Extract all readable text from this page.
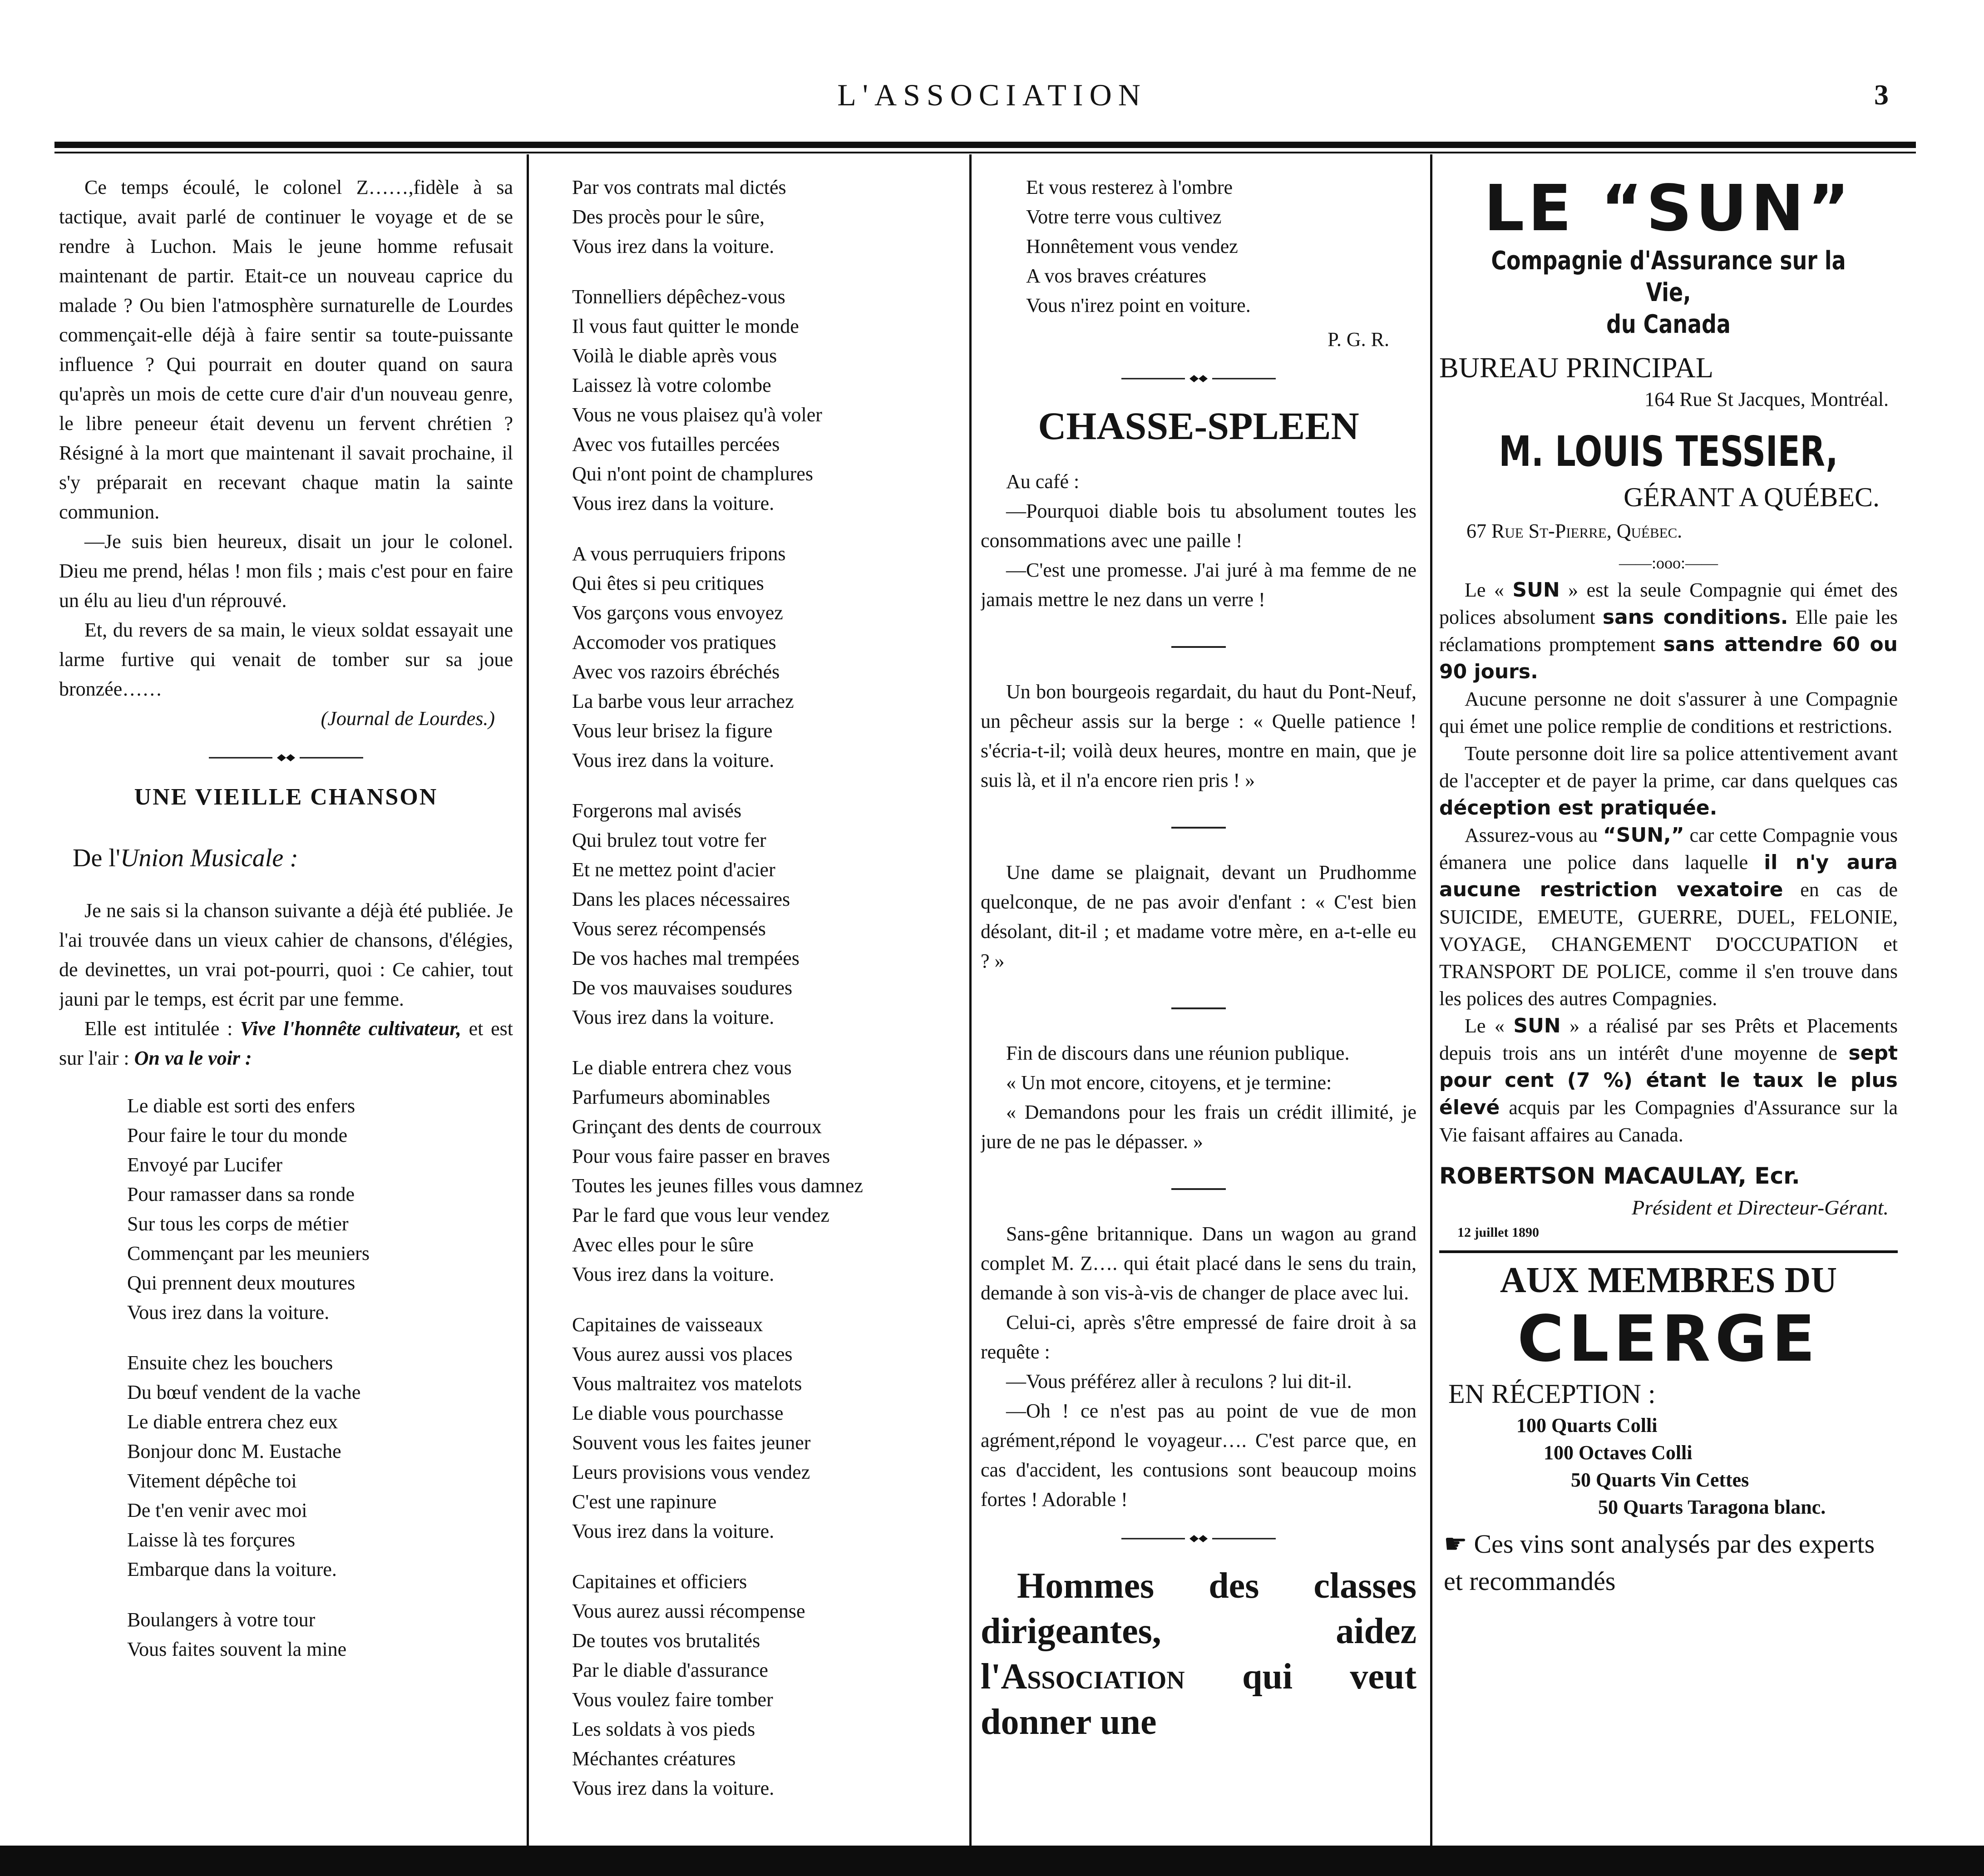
L'ASSOCIATION	3

Ce temps écoulé, le colonel Z……,fidèle à sa tactique, avait parlé de continuer le voyage et de se rendre à Luchon. Mais le jeune homme refusait maintenant de partir. Etait-ce un nouveau caprice du malade ? Ou bien l'atmosphère surnaturelle de Lourdes commençait-elle déjà à faire sentir sa toute-puissante influence ? Qui pourrait en douter quand on saura qu'après un mois de cette cure d'air d'un nouveau genre, le libre peneeur était devenu un fervent chrétien ? Résigné à la mort que maintenant il savait prochaine, il s'y préparait en recevant chaque matin la sainte communion.

—Je suis bien heureux, disait un jour le colonel. Dieu me prend, hélas ! mon fils ; mais c'est pour en faire un élu au lieu d'un réprouvé.

Et, du revers de sa main, le vieux soldat essayait une larme furtive qui venait de tomber sur sa joue bronzée……

(Journal de Lourdes.)

UNE VIEILLE CHANSON

De l'Union Musicale :

Je ne sais si la chanson suivante a déjà été publiée. Je l'ai trouvée dans un vieux cahier de chansons, d'élégies, de devinettes, un vrai pot-pourri, quoi : Ce cahier, tout jauni par le temps, est écrit par une femme.

Elle est intitulée : Vive l'honnête cultivateur, et est sur l'air : On va le voir :

Le diable est sorti des enfers

Pour faire le tour du monde

Envoyé par Lucifer

Pour ramasser dans sa ronde

Sur tous les corps de métier

Commençant par les meuniers

Qui prennent deux moutures

Vous irez dans la voiture.

Ensuite chez les bouchers

Du bœuf vendent de la vache

Le diable entrera chez eux

Bonjour donc M. Eustache

Vitement dépêche toi

De t'en venir avec moi

Laisse là tes forçures

Embarque dans la voiture.

Boulangers à votre tour

Vous faites souvent la mine

Par vos contrats mal dictés

Des procès pour le sûre,

Vous irez dans la voiture.

Tonnelliers dépêchez-vous

Il vous faut quitter le monde

Voilà le diable après vous

Laissez là votre colombe

Vous ne vous plaisez qu'à voler

Avec vos futailles percées

Qui n'ont point de champlures

Vous irez dans la voiture.

A vous perruquiers fripons

Qui êtes si peu critiques

Vos garçons vous envoyez

Accomoder vos pratiques

Avec vos razoirs ébréchés

La barbe vous leur arrachez

Vous leur brisez la figure

Vous irez dans la voiture.

Forgerons mal avisés

Qui brulez tout votre fer

Et ne mettez point d'acier

Dans les places nécessaires

Vous serez récompensés

De vos haches mal trempées

De vos mauvaises soudures

Vous irez dans la voiture.

Le diable entrera chez vous

Parfumeurs abominables

Grinçant des dents de courroux

Pour vous faire passer en braves

Toutes les jeunes filles vous damnez

Par le fard que vous leur vendez

Avec elles pour le sûre

Vous irez dans la voiture.

Capitaines de vaisseaux

Vous aurez aussi vos places

Vous maltraitez vos matelots

Le diable vous pourchasse

Souvent vous les faites jeuner

Leurs provisions vous vendez

C'est une rapinure

Vous irez dans la voiture.

Capitaines et officiers

Vous aurez aussi récompense

De toutes vos brutalités

Par le diable d'assurance

Vous voulez faire tomber

Les soldats à vos pieds

Méchantes créatures

Vous irez dans la voiture.

Et vous resterez à l'ombre

Votre terre vous cultivez

Honnêtement vous vendez

A vos braves créatures

Vous n'irez point en voiture.

P. G. R.

CHASSE-SPLEEN

Au café :

—Pourquoi diable bois tu absolument toutes les consommations avec une paille !

—C'est une promesse. J'ai juré à ma femme de ne jamais mettre le nez dans un verre !

Un bon bourgeois regardait, du haut du Pont-Neuf, un pêcheur assis sur la berge : « Quelle patience ! s'écria-t-il; voilà deux heures, montre en main, que je suis là, et il n'a encore rien pris ! »

Une dame se plaignait, devant un Prudhomme quelconque, de ne pas avoir d'enfant : « C'est bien désolant, dit-il ; et madame votre mère, en a-t-elle eu ? »

Fin de discours dans une réunion publique.

« Un mot encore, citoyens, et je termine:

« Demandons pour les frais un crédit illimité, je jure de ne pas le dépasser. »

Sans-gêne britannique. Dans un wagon au grand complet M. Z…. qui était placé dans le sens du train, demande à son vis-à-vis de changer de place avec lui.

Celui-ci, après s'être empressé de faire droit à sa requête :

—Vous préférez aller à reculons ? lui dit-il.

—Oh ! ce n'est pas au point de vue de mon agrément,répond le voyageur…. C'est parce que, en cas d'accident, les contusions sont beaucoup moins fortes ! Adorable !

Hommes des classes dirigeantes, aidez l'Association qui veut donner une

LE “SUN”

Compagnie d'Assurance sur la Vie,

du Canada

BUREAU PRINCIPAL

164 Rue St Jacques, Montréal.

M. LOUIS TESSIER,

GÉRANT A QUÉBEC.

67 Rue St-Pierre, Québec.

——:ooo:——

Le « SUN » est la seule Compagnie qui émet des polices absolument sans conditions. Elle paie les réclamations promptement sans attendre 60 ou 90 jours.

Aucune personne ne doit s'assurer à une Compagnie qui émet une police remplie de conditions et restrictions.

Toute personne doit lire sa police attentivement avant de l'accepter et de payer la prime, car dans quelques cas déception est pratiquée.

Assurez-vous au “SUN,” car cette Compagnie vous émanera une police dans laquelle il n'y aura aucune restriction vexatoire en cas de SUICIDE, EMEUTE, GUERRE, DUEL, FELONIE, VOYAGE, CHANGEMENT D'OCCUPATION et TRANSPORT DE POLICE, comme il s'en trouve dans les polices des autres Compagnies.

Le « SUN » a réalisé par ses Prêts et Placements depuis trois ans un intérêt d'une moyenne de sept pour cent (7 %) étant le taux le plus élevé acquis par les Compagnies d'Assurance sur la Vie faisant affaires au Canada.

ROBERTSON MACAULAY, Ecr.

Président et Directeur-Gérant.

12 juillet 1890

AUX MEMBRES DU

CLERGE

EN RÉCEPTION :

100 Quarts Colli

100 Octaves Colli

50 Quarts Vin Cettes

50 Quarts Taragona blanc.

☛ Ces vins sont analysés par des experts et recommandés
